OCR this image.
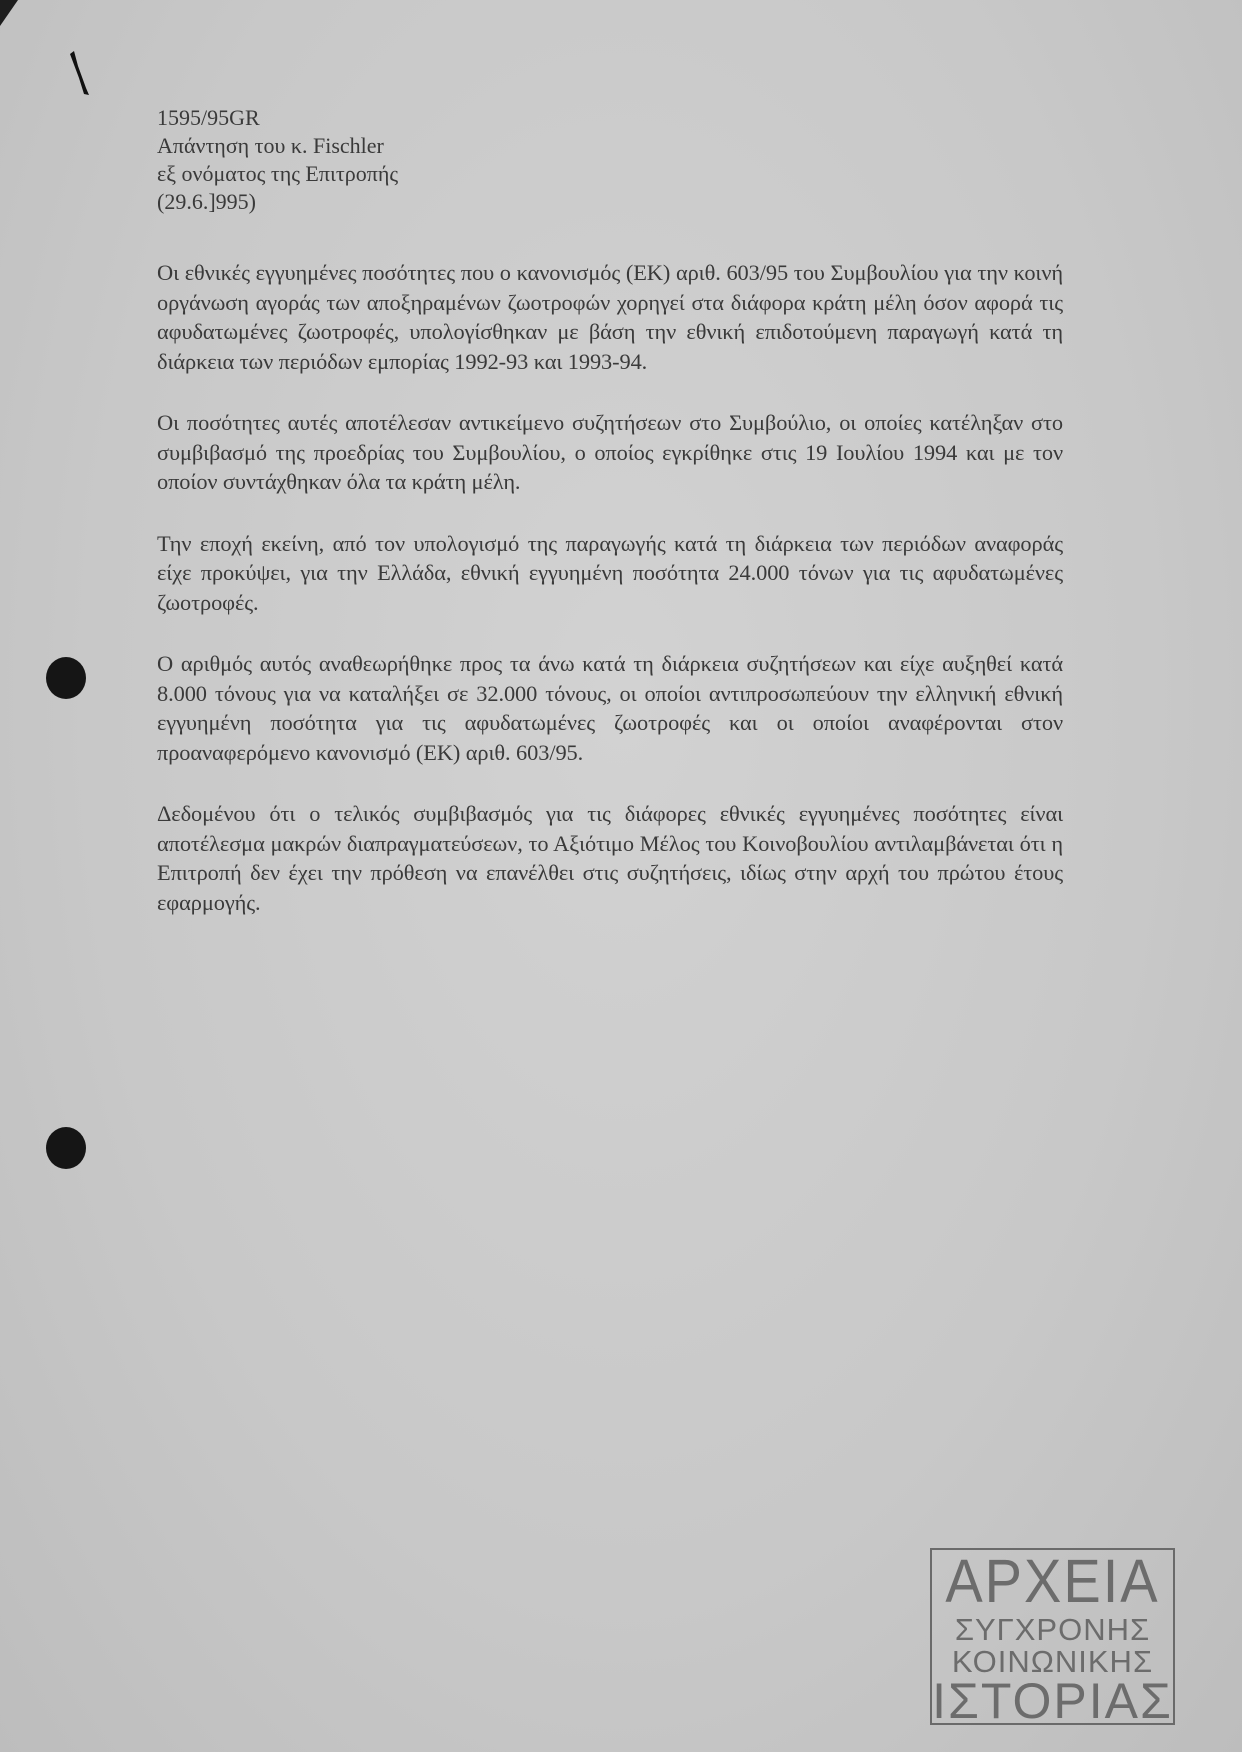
1595/95GR
Απάντηση του κ. Fischler
εξ ονόματος της Επιτροπής
(29.6.]995)

Οι εθνικές εγγυημένες ποσότητες που ο κανονισμός (ΕΚ) αριθ. 603/95 του Συμβουλίου για την κοινή οργάνωση αγοράς των αποξηραμένων ζωοτροφών χορηγεί στα διάφορα κράτη μέλη όσον αφορά τις αφυδατωμένες ζωοτροφές, υπολογίσθηκαν με βάση την εθνική επιδοτούμενη παραγωγή κατά τη διάρκεια των περιόδων εμπορίας 1992-93 και 1993-94.

Οι ποσότητες αυτές αποτέλεσαν αντικείμενο συζητήσεων στο Συμβούλιο, οι οποίες κατέληξαν στο συμβιβασμό της προεδρίας του Συμβουλίου, ο οποίος εγκρίθηκε στις 19 Ιουλίου 1994 και με τον οποίον συντάχθηκαν όλα τα κράτη μέλη.

Την εποχή εκείνη, από τον υπολογισμό της παραγωγής κατά τη διάρκεια των περιόδων αναφοράς είχε προκύψει, για την Ελλάδα, εθνική εγγυημένη ποσότητα 24.000 τόνων για τις αφυδατωμένες ζωοτροφές.

Ο αριθμός αυτός αναθεωρήθηκε προς τα άνω κατά τη διάρκεια συζητήσεων και είχε αυξηθεί κατά 8.000 τόνους για να καταλήξει σε 32.000 τόνους, οι οποίοι αντιπροσωπεύουν την ελληνική εθνική εγγυημένη ποσότητα για τις αφυδατωμένες ζωοτροφές και οι οποίοι αναφέρονται στον προαναφερόμενο κανονισμό (ΕΚ) αριθ. 603/95.

Δεδομένου ότι ο τελικός συμβιβασμός για τις διάφορες εθνικές εγγυημένες ποσότητες είναι αποτέλεσμα μακρών διαπραγματεύσεων, το Αξιότιμο Μέλος του Κοινοβουλίου αντιλαμβάνεται ότι η Επιτροπή δεν έχει την πρόθεση να επανέλθει στις συζητήσεις, ιδίως στην αρχή του πρώτου έτους εφαρμογής.

ΑΡΧΕΙΑ
ΣΥΓΧΡΟΝΗΣ
ΚΟΙΝΩΝΙΚΗΣ
ΙΣΤΟΡΙΑΣ
